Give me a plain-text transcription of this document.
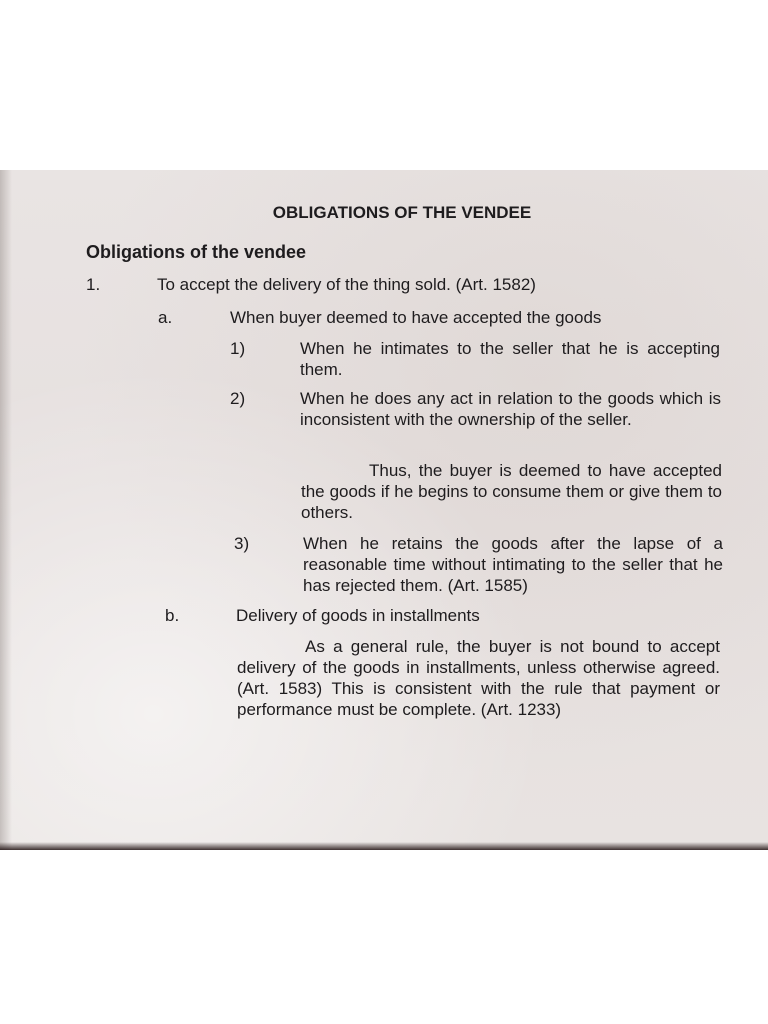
OBLIGATIONS OF THE VENDEE
Obligations of the vendee
1.	To accept the delivery of the thing sold. (Art. 1582)
a.	When buyer deemed to have accepted the goods
1)	When he intimates to the seller that he is accepting them.
2)	When he does any act in relation to the goods which is inconsistent with the ownership of the seller.
Thus, the buyer is deemed to have accepted the goods if he begins to consume them or give them to others.
3)	When he retains the goods after the lapse of a reasonable time without intimating to the seller that he has rejected them. (Art. 1585)
b.	Delivery of goods in installments
As a general rule, the buyer is not bound to accept delivery of the goods in installments, unless otherwise agreed. (Art. 1583) This is consistent with the rule that payment or performance must be complete. (Art. 1233)
